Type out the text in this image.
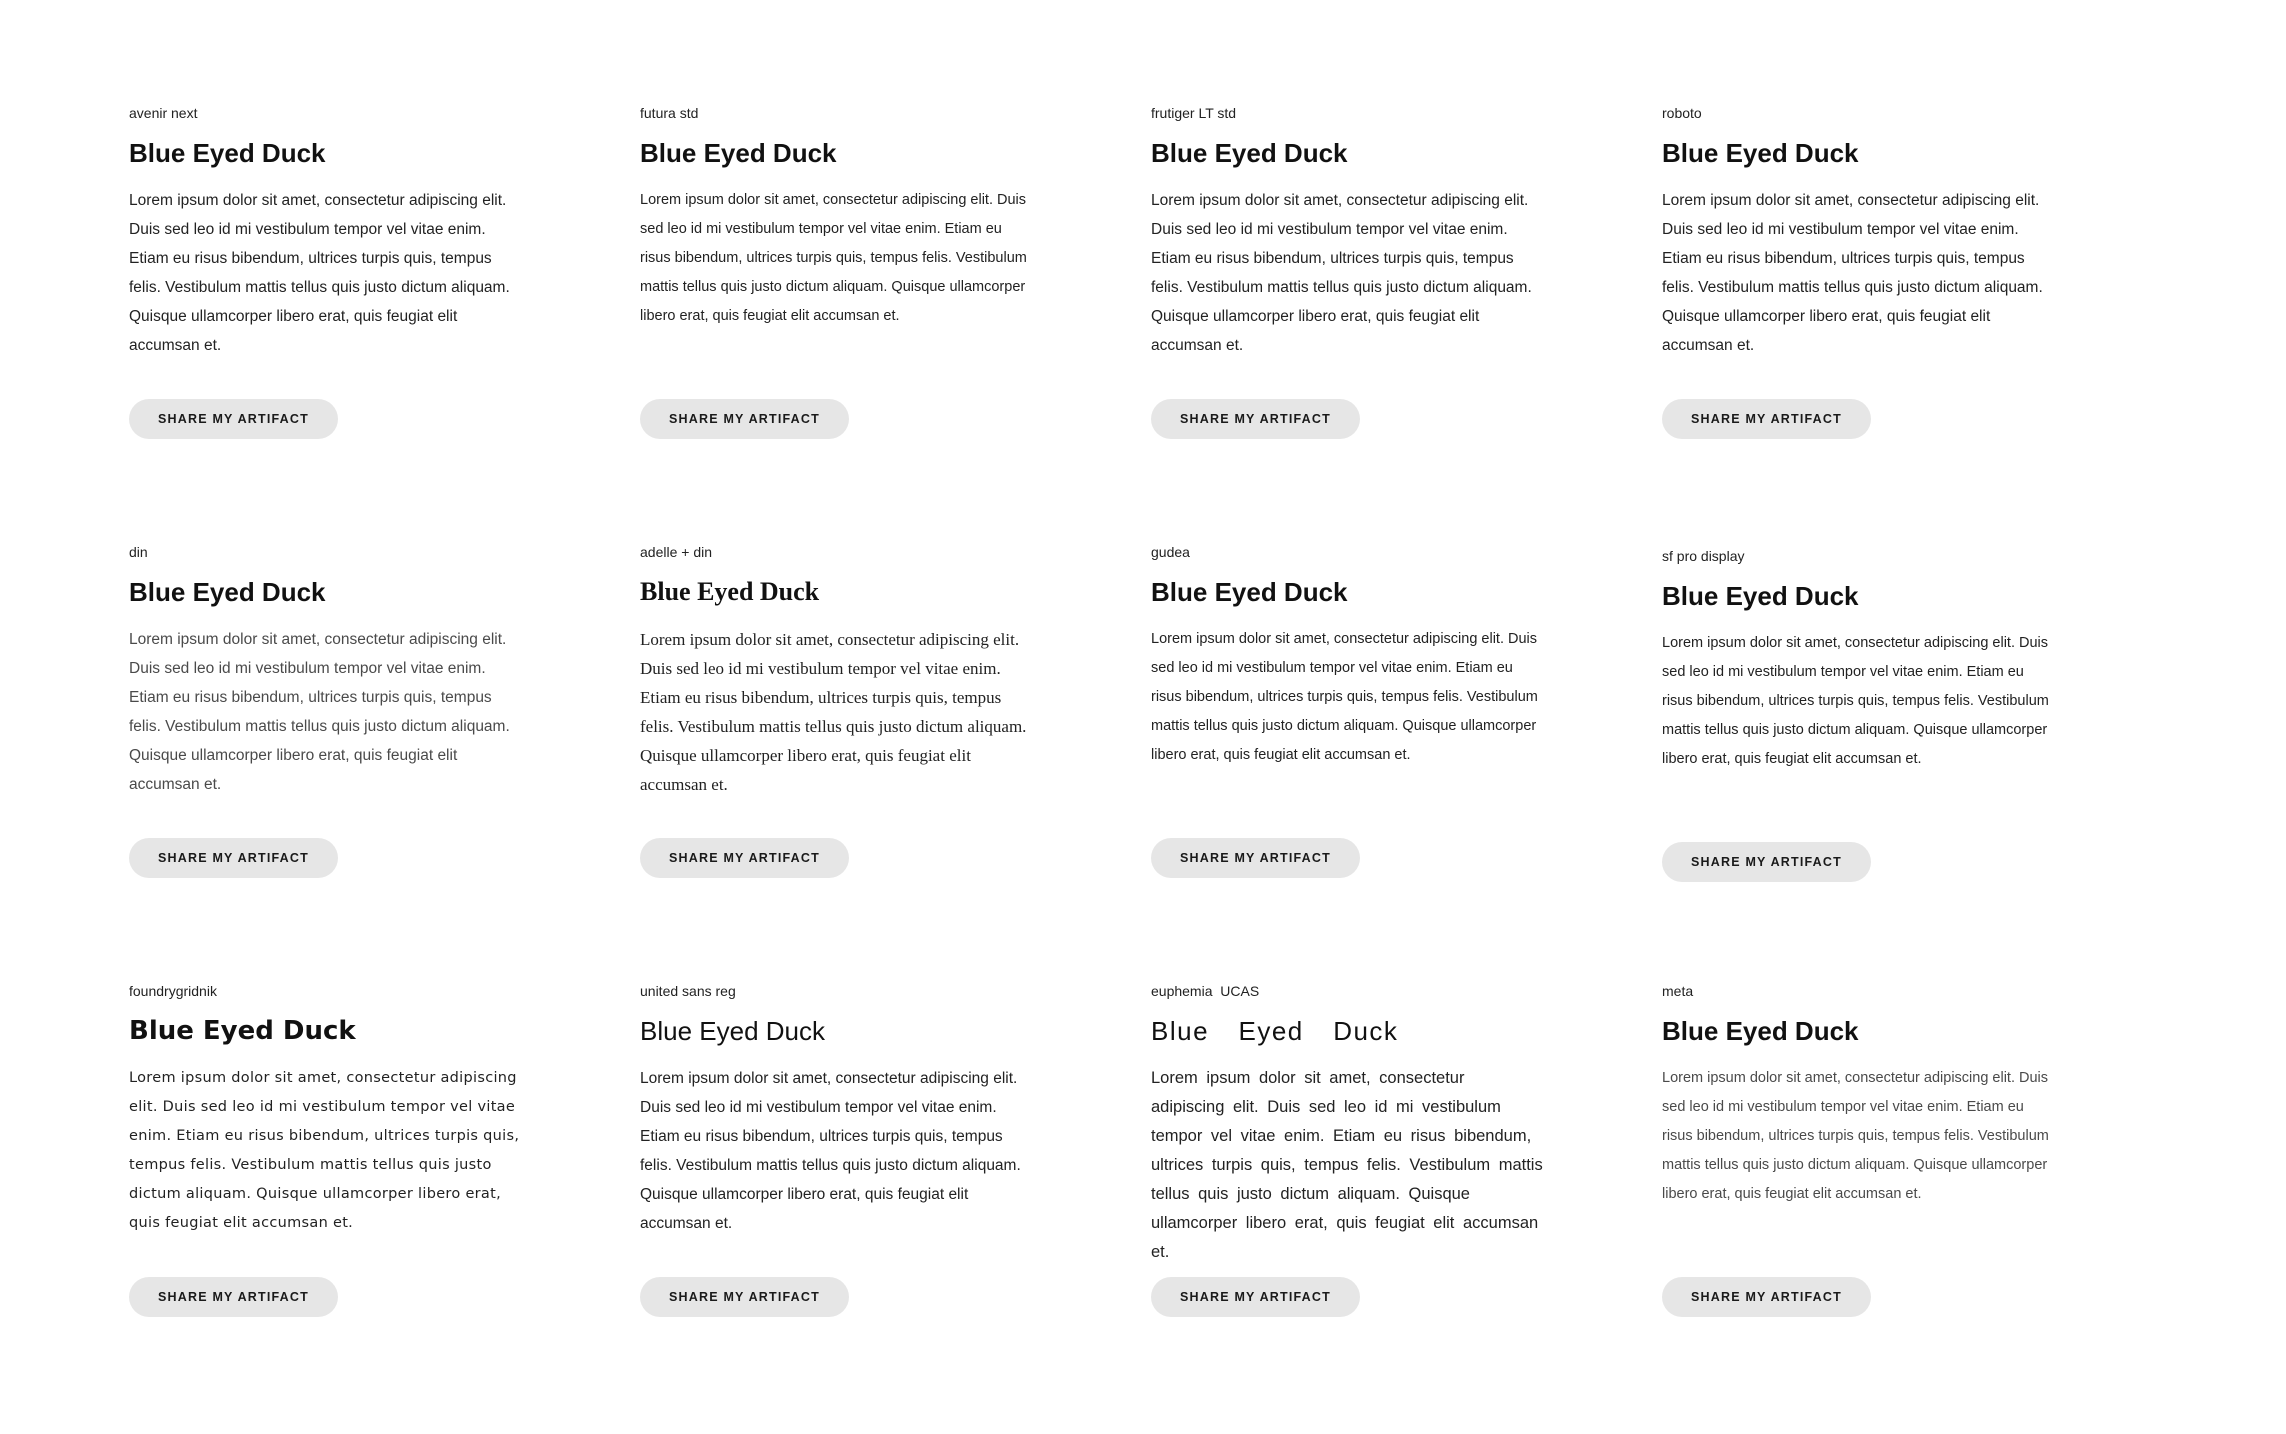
avenir next
Blue Eyed Duck

Lorem ipsum dolor sit amet, consectetur adipiscing elit. Duis sed leo id mi vestibulum tempor vel vitae enim. Etiam eu risus bibendum, ultrices turpis quis, tempus felis. Vestibulum mattis tellus quis justo dictum aliquam. Quisque ullamcorper libero erat, quis feugiat elit accumsan et.

SHARE MY ARTIFACT
futura std
Blue Eyed Duck

Lorem ipsum dolor sit amet, consectetur adipiscing elit. Duis sed leo id mi vestibulum tempor vel vitae enim. Etiam eu risus bibendum, ultrices turpis quis, tempus felis. Vestibulum mattis tellus quis justo dictum aliquam. Quisque ullamcorper libero erat, quis feugiat elit accumsan et.

SHARE MY ARTIFACT
frutiger LT std
Blue Eyed Duck

Lorem ipsum dolor sit amet, consectetur adipiscing elit. Duis sed leo id mi vestibulum tempor vel vitae enim. Etiam eu risus bibendum, ultrices turpis quis, tempus felis. Vestibulum mattis tellus quis justo dictum aliquam. Quisque ullamcorper libero erat, quis feugiat elit accumsan et.

SHARE MY ARTIFACT
roboto
Blue Eyed Duck

Lorem ipsum dolor sit amet, consectetur adipiscing elit. Duis sed leo id mi vestibulum tempor vel vitae enim. Etiam eu risus bibendum, ultrices turpis quis, tempus felis. Vestibulum mattis tellus quis justo dictum aliquam. Quisque ullamcorper libero erat, quis feugiat elit accumsan et.

SHARE MY ARTIFACT
din
Blue Eyed Duck

Lorem ipsum dolor sit amet, consectetur adipiscing elit. Duis sed leo id mi vestibulum tempor vel vitae enim. Etiam eu risus bibendum, ultrices turpis quis, tempus felis. Vestibulum mattis tellus quis justo dictum aliquam. Quisque ullamcorper libero erat, quis feugiat elit accumsan et.

SHARE MY ARTIFACT
adelle + din
Blue Eyed Duck

Lorem ipsum dolor sit amet, consectetur adipiscing elit. Duis sed leo id mi vestibulum tempor vel vitae enim. Etiam eu risus bibendum, ultrices turpis quis, tempus felis. Vestibulum mattis tellus quis justo dictum aliquam. Quisque ullamcorper libero erat, quis feugiat elit accumsan et.

SHARE MY ARTIFACT
gudea
Blue Eyed Duck

Lorem ipsum dolor sit amet, consectetur adipiscing elit. Duis sed leo id mi vestibulum tempor vel vitae enim. Etiam eu risus bibendum, ultrices turpis quis, tempus felis. Vestibulum mattis tellus quis justo dictum aliquam. Quisque ullamcorper libero erat, quis feugiat elit accumsan et.

SHARE MY ARTIFACT
sf pro display
Blue Eyed Duck

Lorem ipsum dolor sit amet, consectetur adipiscing elit. Duis sed leo id mi vestibulum tempor vel vitae enim. Etiam eu risus bibendum, ultrices turpis quis, tempus felis. Vestibulum mattis tellus quis justo dictum aliquam. Quisque ullamcorper libero erat, quis feugiat elit accumsan et.

SHARE MY ARTIFACT
foundrygridnik
Blue Eyed Duck

Lorem ipsum dolor sit amet, consectetur adipiscing elit. Duis sed leo id mi vestibulum tempor vel vitae enim. Etiam eu risus bibendum, ultrices turpis quis, tempus felis. Vestibulum mattis tellus quis justo dictum aliquam. Quisque ullamcorper libero erat, quis feugiat elit accumsan et.

SHARE MY ARTIFACT
united sans reg
Blue Eyed Duck

Lorem ipsum dolor sit amet, consectetur adipiscing elit. Duis sed leo id mi vestibulum tempor vel vitae enim. Etiam eu risus bibendum, ultrices turpis quis, tempus felis. Vestibulum mattis tellus quis justo dictum aliquam. Quisque ullamcorper libero erat, quis feugiat elit accumsan et.

SHARE MY ARTIFACT
euphemia  UCAS
Blue  Eyed  Duck

Lorem ipsum dolor sit amet, consectetur adipiscing elit. Duis sed leo id mi vestibulum tempor vel vitae enim. Etiam eu risus bibendum, ultrices turpis quis, tempus felis. Vestibulum mattis tellus quis justo dictum aliquam. Quisque ullamcorper libero erat, quis feugiat elit accumsan et.

SHARE MY ARTIFACT
meta
Blue Eyed Duck

Lorem ipsum dolor sit amet, consectetur adipiscing elit. Duis sed leo id mi vestibulum tempor vel vitae enim. Etiam eu risus bibendum, ultrices turpis quis, tempus felis. Vestibulum mattis tellus quis justo dictum aliquam. Quisque ullamcorper libero erat, quis feugiat elit accumsan et.

SHARE MY ARTIFACT
